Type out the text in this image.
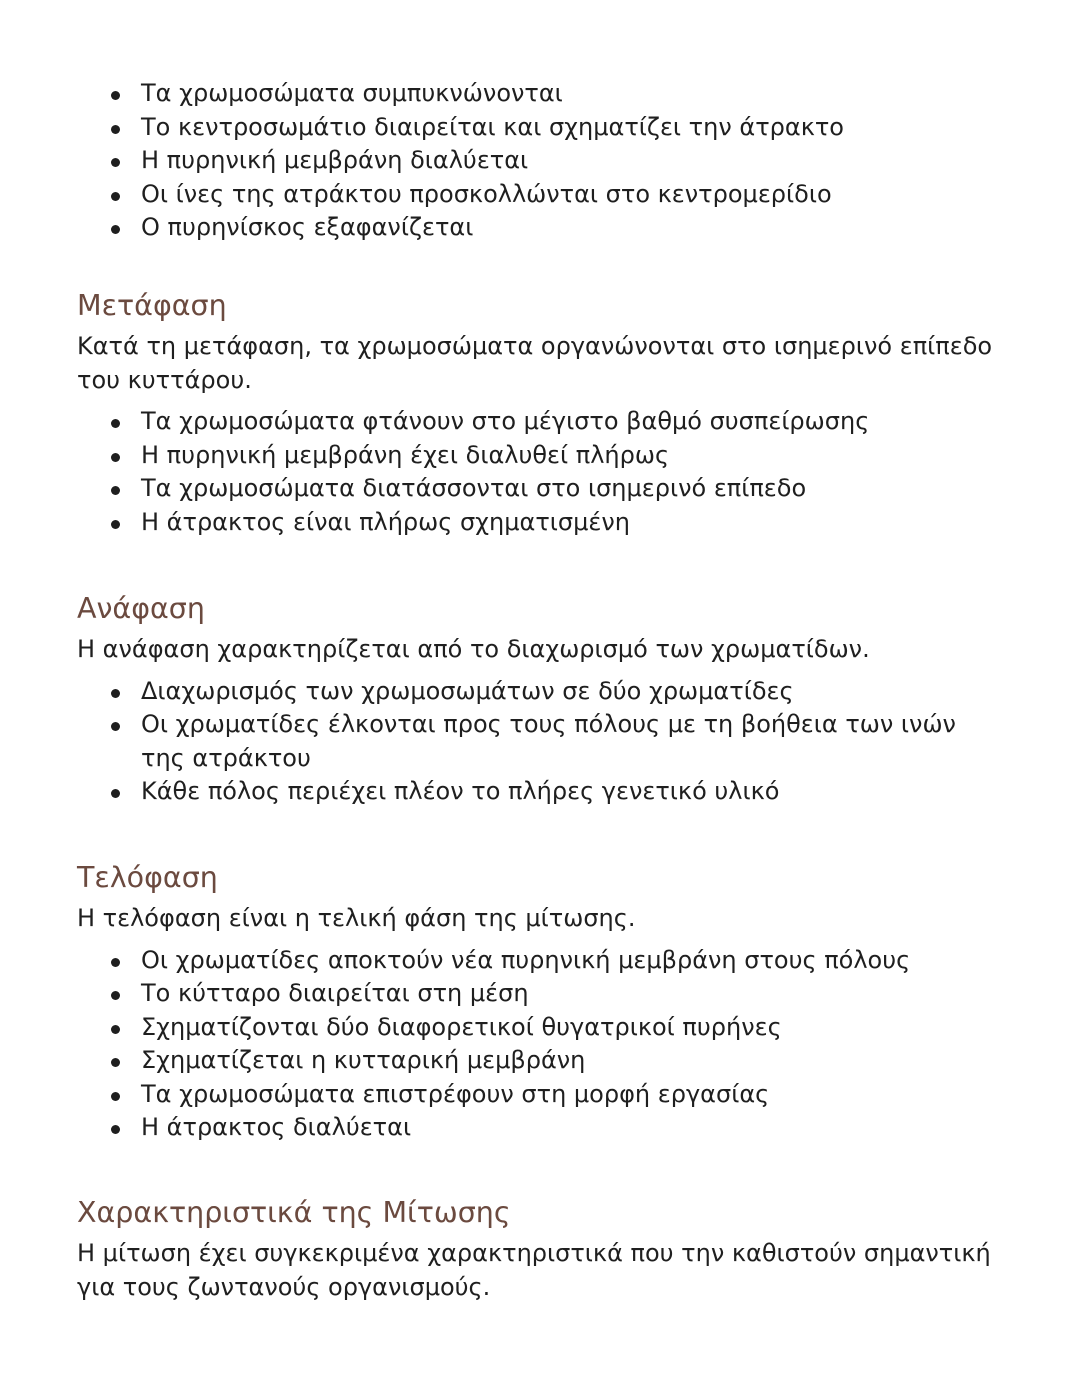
Τα χρωμοσώματα συμπυκνώνονται
Το κεντροσωμάτιο διαιρείται και σχηματίζει την άτρακτο
Η πυρηνική μεμβράνη διαλύεται
Οι ίνες της ατράκτου προσκολλώνται στο κεντρομερίδιο
Ο πυρηνίσκος εξαφανίζεται
Μετάφαση

Κατά τη μετάφαση, τα χρωμοσώματα οργανώνονται στο ισημερινό επίπεδο του κυττάρου.

Τα χρωμοσώματα φτάνουν στο μέγιστο βαθμό συσπείρωσης
Η πυρηνική μεμβράνη έχει διαλυθεί πλήρως
Τα χρωμοσώματα διατάσσονται στο ισημερινό επίπεδο
Η άτρακτος είναι πλήρως σχηματισμένη
Ανάφαση

Η ανάφαση χαρακτηρίζεται από το διαχωρισμό των χρωματίδων.

Διαχωρισμός των χρωμοσωμάτων σε δύο χρωματίδες
Οι χρωματίδες έλκονται προς τους πόλους με τη βοήθεια των ινών της ατράκτου
Κάθε πόλος περιέχει πλέον το πλήρες γενετικό υλικό
Τελόφαση

Η τελόφαση είναι η τελική φάση της μίτωσης.

Οι χρωματίδες αποκτούν νέα πυρηνική μεμβράνη στους πόλους
Το κύτταρο διαιρείται στη μέση
Σχηματίζονται δύο διαφορετικοί θυγατρικοί πυρήνες
Σχηματίζεται η κυτταρική μεμβράνη
Τα χρωμοσώματα επιστρέφουν στη μορφή εργασίας
Η άτρακτος διαλύεται
Χαρακτηριστικά της Μίτωσης

Η μίτωση έχει συγκεκριμένα χαρακτηριστικά που την καθιστούν σημαντική για τους ζωντανούς οργανισμούς.
